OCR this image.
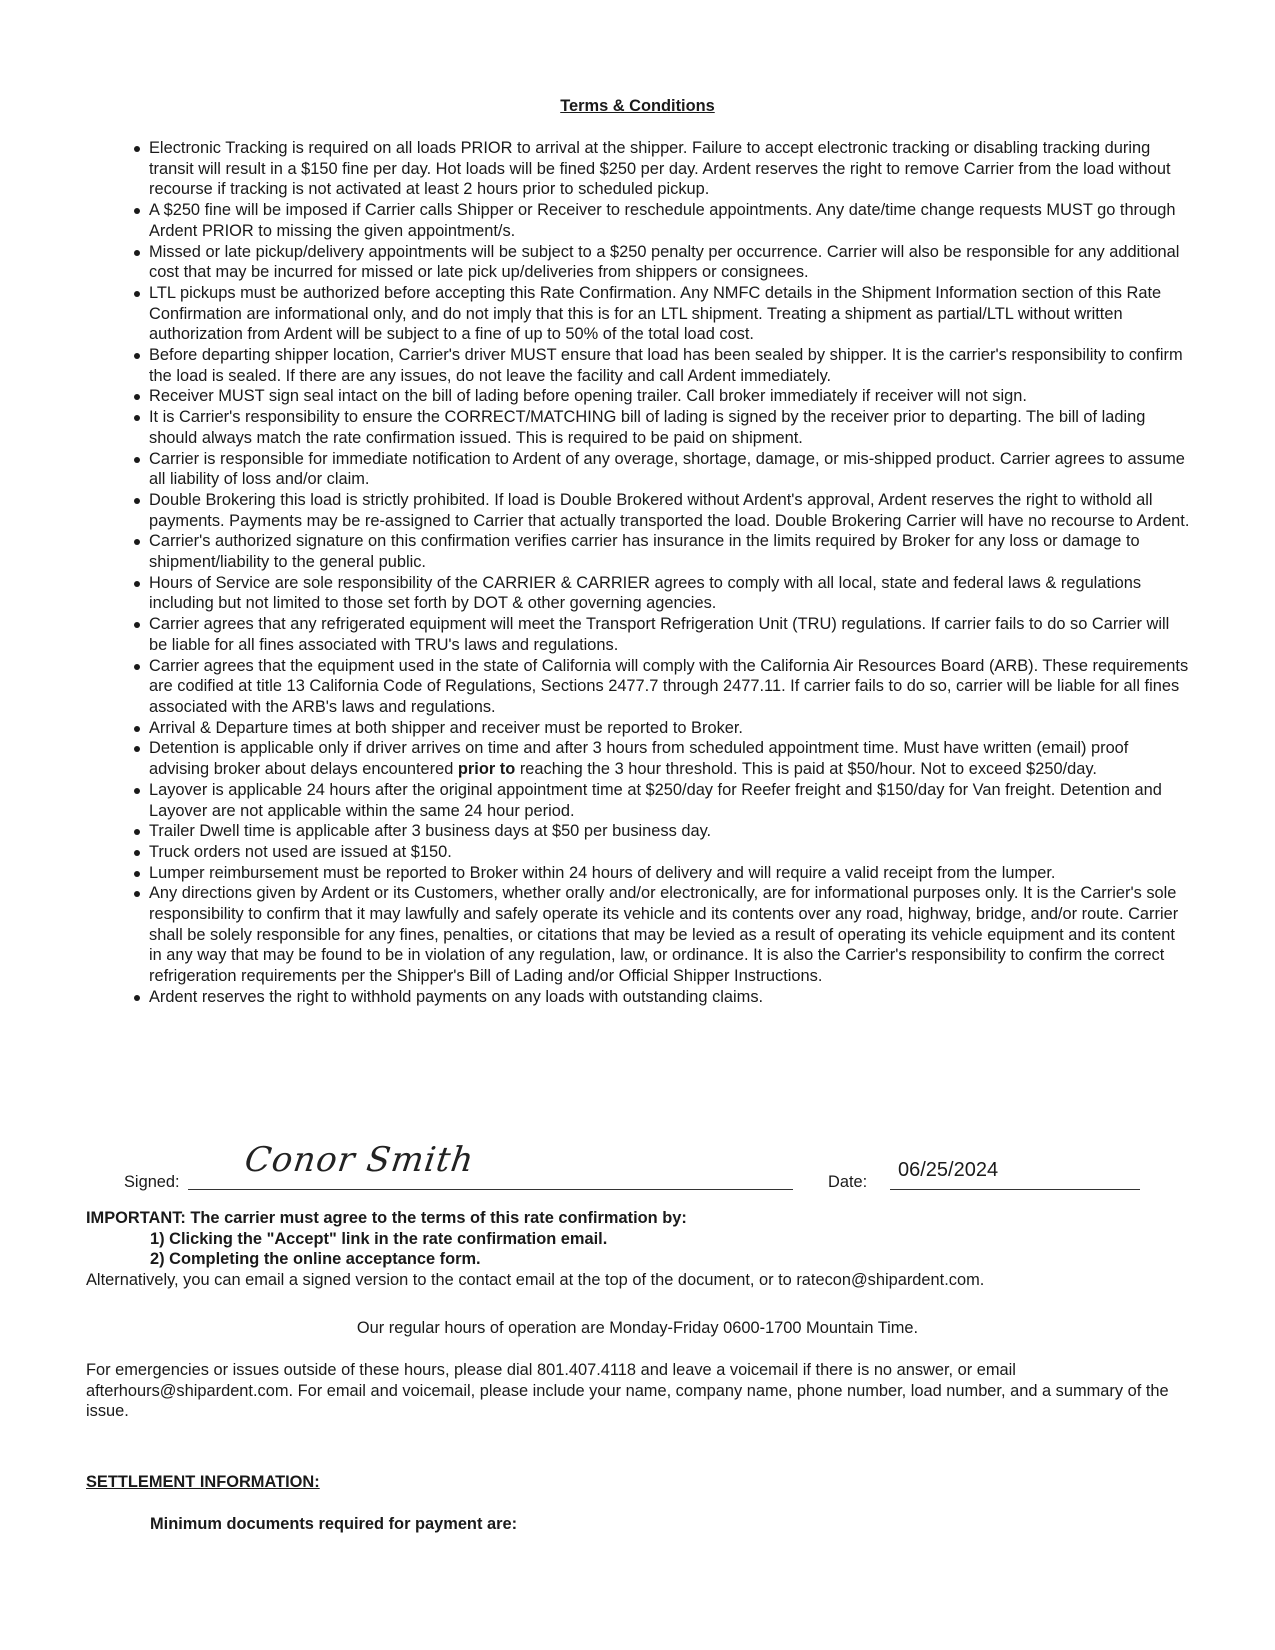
Terms & Conditions
Electronic Tracking is required on all loads PRIOR to arrival at the shipper. Failure to accept electronic tracking or disabling tracking during transit will result in a $150 fine per day. Hot loads will be fined $250 per day. Ardent reserves the right to remove Carrier from the load without recourse if tracking is not activated at least 2 hours prior to scheduled pickup.
A $250 fine will be imposed if Carrier calls Shipper or Receiver to reschedule appointments. Any date/time change requests MUST go through Ardent PRIOR to missing the given appointment/s.
Missed or late pickup/delivery appointments will be subject to a $250 penalty per occurrence. Carrier will also be responsible for any additional cost that may be incurred for missed or late pick up/deliveries from shippers or consignees.
LTL pickups must be authorized before accepting this Rate Confirmation. Any NMFC details in the Shipment Information section of this Rate Confirmation are informational only, and do not imply that this is for an LTL shipment. Treating a shipment as partial/LTL without written authorization from Ardent will be subject to a fine of up to 50% of the total load cost.
Before departing shipper location, Carrier's driver MUST ensure that load has been sealed by shipper. It is the carrier's responsibility to confirm the load is sealed. If there are any issues, do not leave the facility and call Ardent immediately.
Receiver MUST sign seal intact on the bill of lading before opening trailer. Call broker immediately if receiver will not sign.
It is Carrier's responsibility to ensure the CORRECT/MATCHING bill of lading is signed by the receiver prior to departing. The bill of lading should always match the rate confirmation issued. This is required to be paid on shipment.
Carrier is responsible for immediate notification to Ardent of any overage, shortage, damage, or mis-shipped product. Carrier agrees to assume all liability of loss and/or claim.
Double Brokering this load is strictly prohibited. If load is Double Brokered without Ardent's approval, Ardent reserves the right to withold all payments. Payments may be re-assigned to Carrier that actually transported the load. Double Brokering Carrier will have no recourse to Ardent.
Carrier's authorized signature on this confirmation verifies carrier has insurance in the limits required by Broker for any loss or damage to shipment/liability to the general public.
Hours of Service are sole responsibility of the CARRIER & CARRIER agrees to comply with all local, state and federal laws & regulations including but not limited to those set forth by DOT & other governing agencies.
Carrier agrees that any refrigerated equipment will meet the Transport Refrigeration Unit (TRU) regulations. If carrier fails to do so Carrier will be liable for all fines associated with TRU's laws and regulations.
Carrier agrees that the equipment used in the state of California will comply with the California Air Resources Board (ARB). These requirements are codified at title 13 California Code of Regulations, Sections 2477.7 through 2477.11. If carrier fails to do so, carrier will be liable for all fines associated with the ARB's laws and regulations.
Arrival & Departure times at both shipper and receiver must be reported to Broker.
Detention is applicable only if driver arrives on time and after 3 hours from scheduled appointment time. Must have written (email) proof advising broker about delays encountered prior to reaching the 3 hour threshold. This is paid at $50/hour. Not to exceed $250/day.
Layover is applicable 24 hours after the original appointment time at $250/day for Reefer freight and $150/day for Van freight. Detention and Layover are not applicable within the same 24 hour period.
Trailer Dwell time is applicable after 3 business days at $50 per business day.
Truck orders not used are issued at $150.
Lumper reimbursement must be reported to Broker within 24 hours of delivery and will require a valid receipt from the lumper.
Any directions given by Ardent or its Customers, whether orally and/or electronically, are for informational purposes only. It is the Carrier's sole responsibility to confirm that it may lawfully and safely operate its vehicle and its contents over any road, highway, bridge, and/or route. Carrier shall be solely responsible for any fines, penalties, or citations that may be levied as a result of operating its vehicle equipment and its content in any way that may be found to be in violation of any regulation, law, or ordinance. It is also the Carrier's responsibility to confirm the correct refrigeration requirements per the Shipper's Bill of Lading and/or Official Shipper Instructions.
Ardent reserves the right to withhold payments on any loads with outstanding claims.
Signed:
Conor Smith
Date:
06/25/2024
IMPORTANT: The carrier must agree to the terms of this rate confirmation by:
1) Clicking the "Accept" link in the rate confirmation email.
2) Completing the online acceptance form.
Alternatively, you can email a signed version to the contact email at the top of the document, or to ratecon@shipardent.com.
Our regular hours of operation are Monday-Friday 0600-1700 Mountain Time.
For emergencies or issues outside of these hours, please dial 801.407.4118 and leave a voicemail if there is no answer, or email afterhours@shipardent.com. For email and voicemail, please include your name, company name, phone number, load number, and a summary of the issue.
SETTLEMENT INFORMATION:
Minimum documents required for payment are:
